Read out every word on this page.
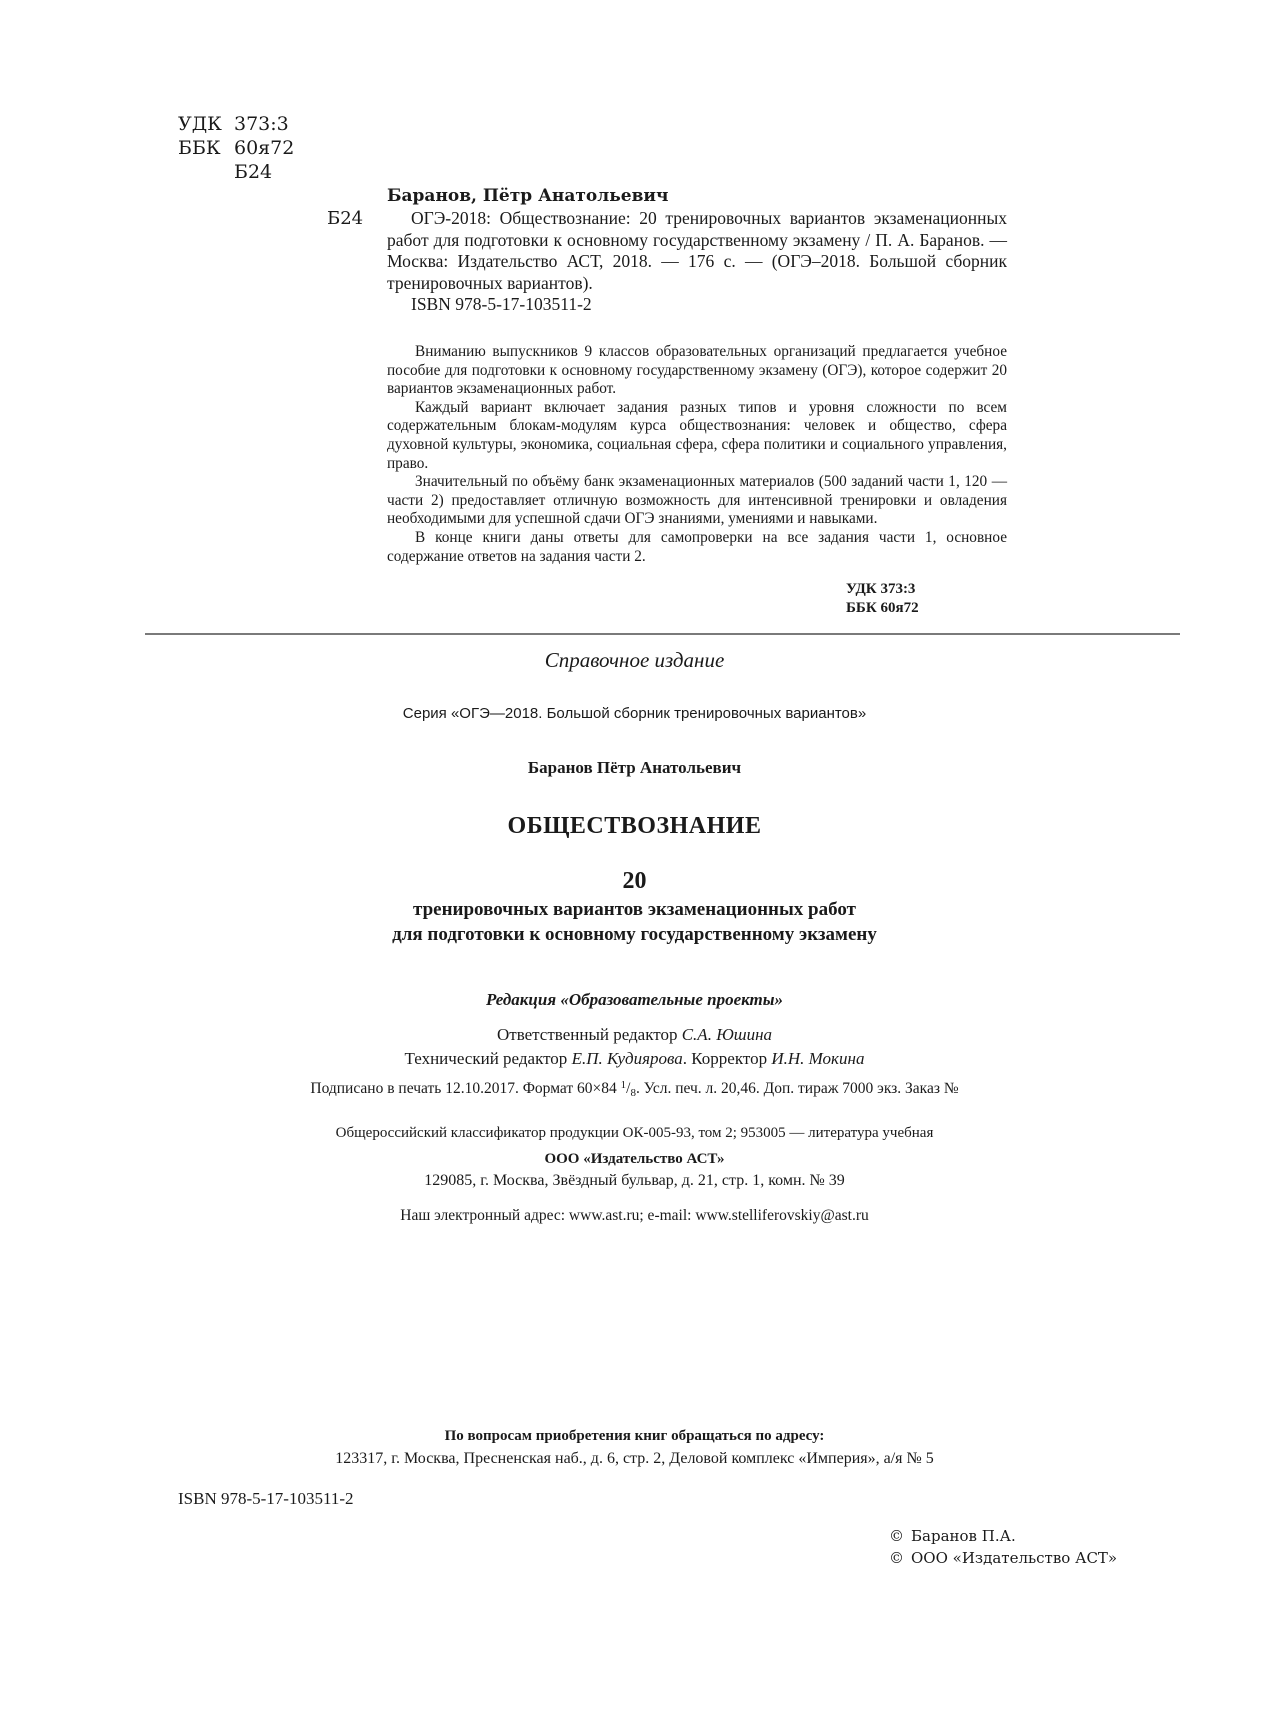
УДК 373:3
ББК 60я72
Б24
Баранов, Пётр Анатольевич
Б24	ОГЭ-2018: Обществознание: 20 тренировочных вариантов экзаменационных работ для подготовки к основному государственному экзамену / П. А. Баранов. — Москва: Издательство АСТ, 2018. — 176 с. — (ОГЭ–2018. Большой сборник тренировочных вариантов).

ISBN 978-5-17-103511-2

Вниманию выпускников 9 классов образовательных организаций предлагается учебное пособие для подготовки к основному государственному экзамену (ОГЭ), которое содержит 20 вариантов экзаменационных работ.

Каждый вариант включает задания разных типов и уровня сложности по всем содержательным блокам-модулям курса обществознания: человек и общество, сфера духовной культуры, экономика, социальная сфера, сфера политики и социального управления, право.

Значительный по объёму банк экзаменационных материалов (500 заданий части 1, 120 — части 2) предоставляет отличную возможность для интенсивной тренировки и овладения необходимыми для успешной сдачи ОГЭ знаниями, умениями и навыками.

В конце книги даны ответы для самопроверки на все задания части 1, основное содержание ответов на задания части 2.

УДК 373:3
ББК 60я72
Справочное издание
Серия «ОГЭ—2018. Большой сборник тренировочных вариантов»
Баранов Пётр Анатольевич
ОБЩЕСТВОЗНАНИЕ
20
тренировочных вариантов экзаменационных работ
для подготовки к основному государственному экзамену
Редакция «Образовательные проекты»
Ответственный редактор С.А. Юшина
Технический редактор Е.П. Кудиярова. Корректор И.Н. Мокина
Подписано в печать 12.10.2017. Формат 60×84 $^1/_8$. Усл. печ. л. 20,46. Доп. тираж 7000 экз. Заказ №
Общероссийский классификатор продукции ОК-005-93, том 2; 953005 — литература учебная
ООО «Издательство АСТ»
129085, г. Москва, Звёздный бульвар, д. 21, стр. 1, комн. № 39
Наш электронный адрес: www.ast.ru; e-mail: www.stelliferovskiy@ast.ru
По вопросам приобретения книг обращаться по адресу:
123317, г. Москва, Пресненская наб., д. 6, стр. 2, Деловой комплекс «Империя», а/я № 5
ISBN 978-5-17-103511-2
© Баранов П.А.
© ООО «Издательство АСТ»
